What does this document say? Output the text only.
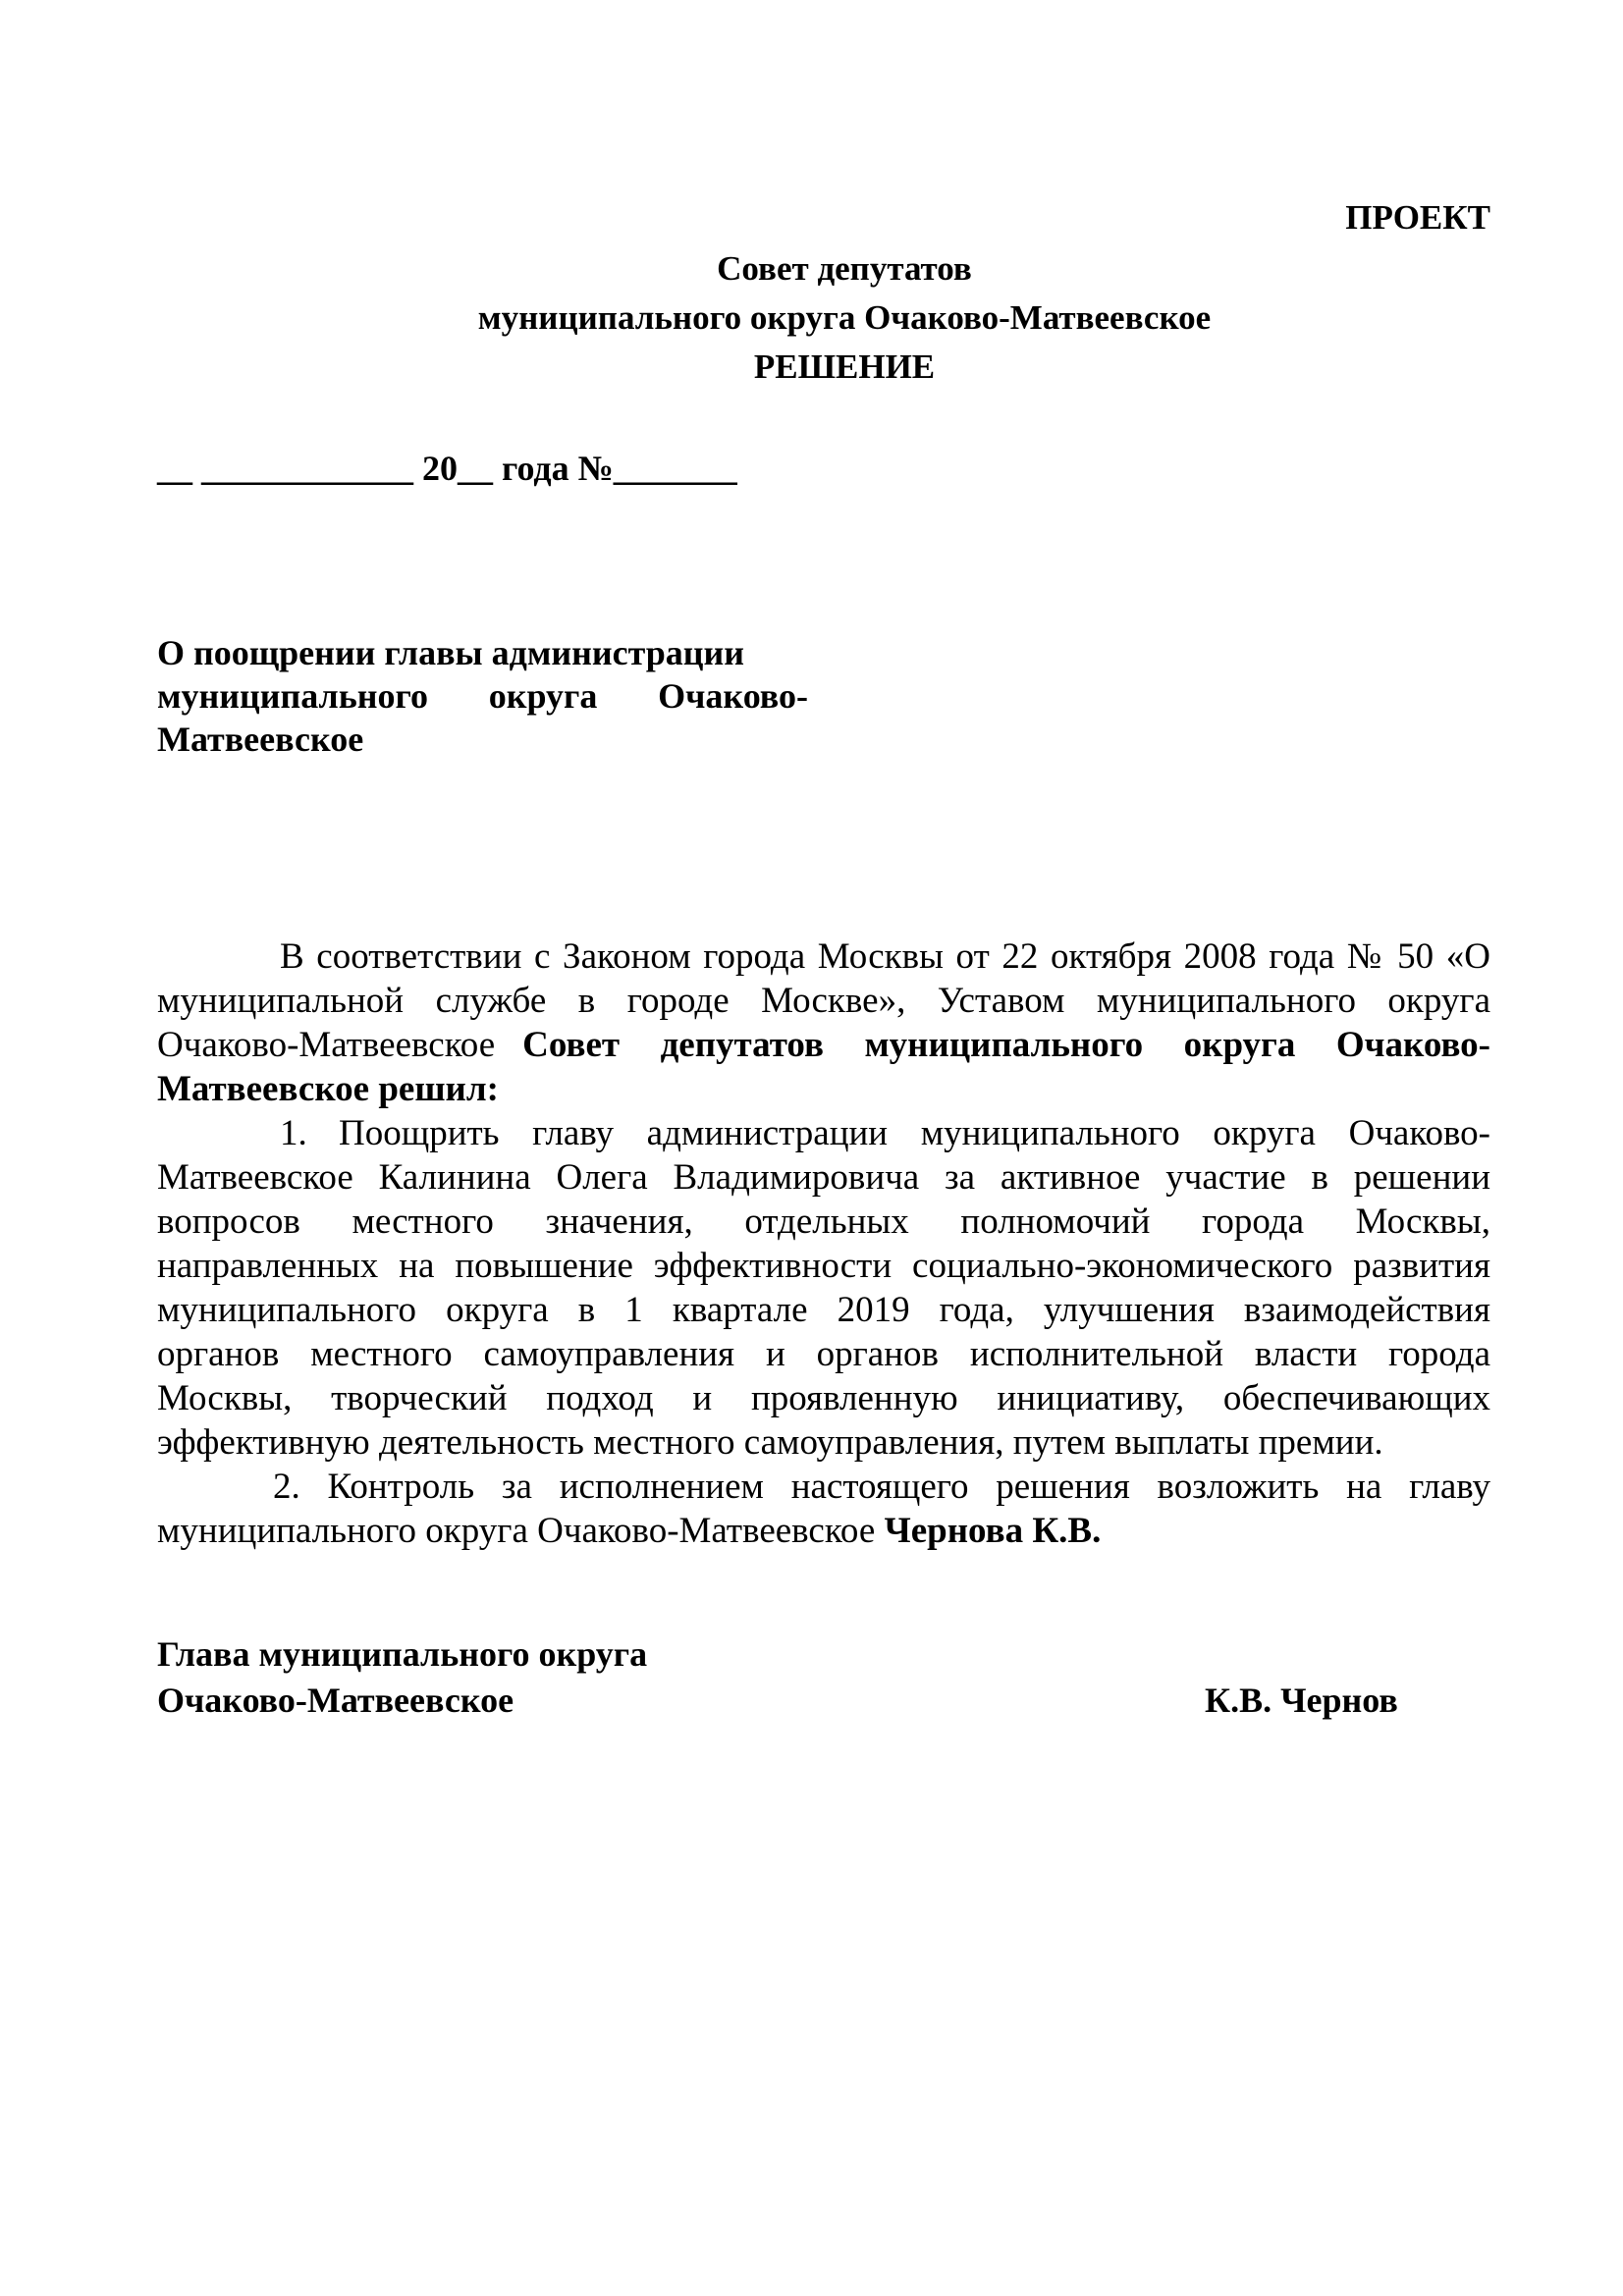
ПРОЕКТ
Совет депутатов
муниципального округа Очаково-Матвеевское
РЕШЕНИЕ
__ ____________ 20__ года №_______
О поощрении главы администрации
муниципального округа Очаково-
Матвеевское
В соответствии с Законом города Москвы от 22 октября 2008 года № 50 «О
муниципальной службе в городе Москве», Уставом муниципального округа
Очаково-Матвеевское Совет депутатов муниципального округа Очаково-
Матвеевское решил:
1. Поощрить главу администрации муниципального округа Очаково-
Матвеевское Калинина Олега Владимировича за активное участие в решении
вопросов местного значения, отдельных полномочий города Москвы,
направленных на повышение эффективности социально-экономического развития
муниципального округа в 1 квартале 2019 года, улучшения взаимодействия
органов местного самоуправления и органов исполнительной власти города
Москвы, творческий подход и проявленную инициативу, обеспечивающих
эффективную деятельность местного самоуправления, путем выплаты премии.
2. Контроль за исполнением настоящего решения возложить на главу
муниципального округа Очаково-Матвеевское Чернова К.В.
Глава муниципального округа
Очаково-Матвеевское	К.В. Чернов
